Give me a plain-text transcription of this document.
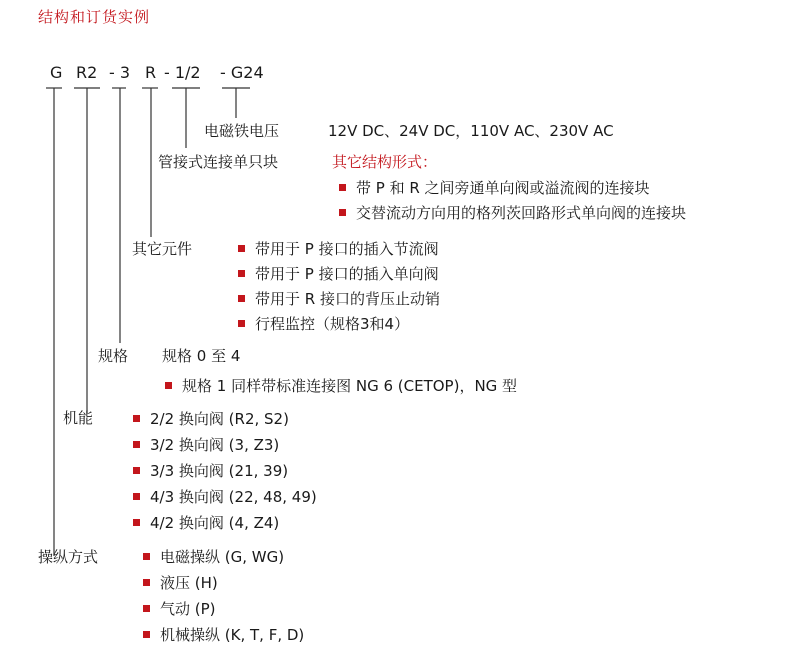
结构和订货实例
G R2 - 3 R - 1/2 - G24
电磁铁电压	12V DC、24V DC，110V AC、230V AC
管接式连接单只块	其它结构形式：
带 P 和 R 之间旁通单向阀或溢流阀的连接块
交替流动方向用的格列茨回路形式单向阀的连接块
其它元件	带用于 P 接口的插入节流阀
带用于 P 接口的插入单向阀
带用于 R 接口的背压止动销
行程监控（规格3和4）
规格 规格 0 至 4
规格 1 同样带标准连接图 NG 6 (CETOP)，NG 型
机能	2/2 换向阀 (R2, S2)
3/2 换向阀 (3, Z3)
3/3 换向阀 (21, 39)
4/3 换向阀 (22, 48, 49)
4/2 换向阀 (4, Z4)
操纵方式	电磁操纵 (G, WG)
液压 (H)
气动 (P)
机械操纵 (K, T, F, D)
